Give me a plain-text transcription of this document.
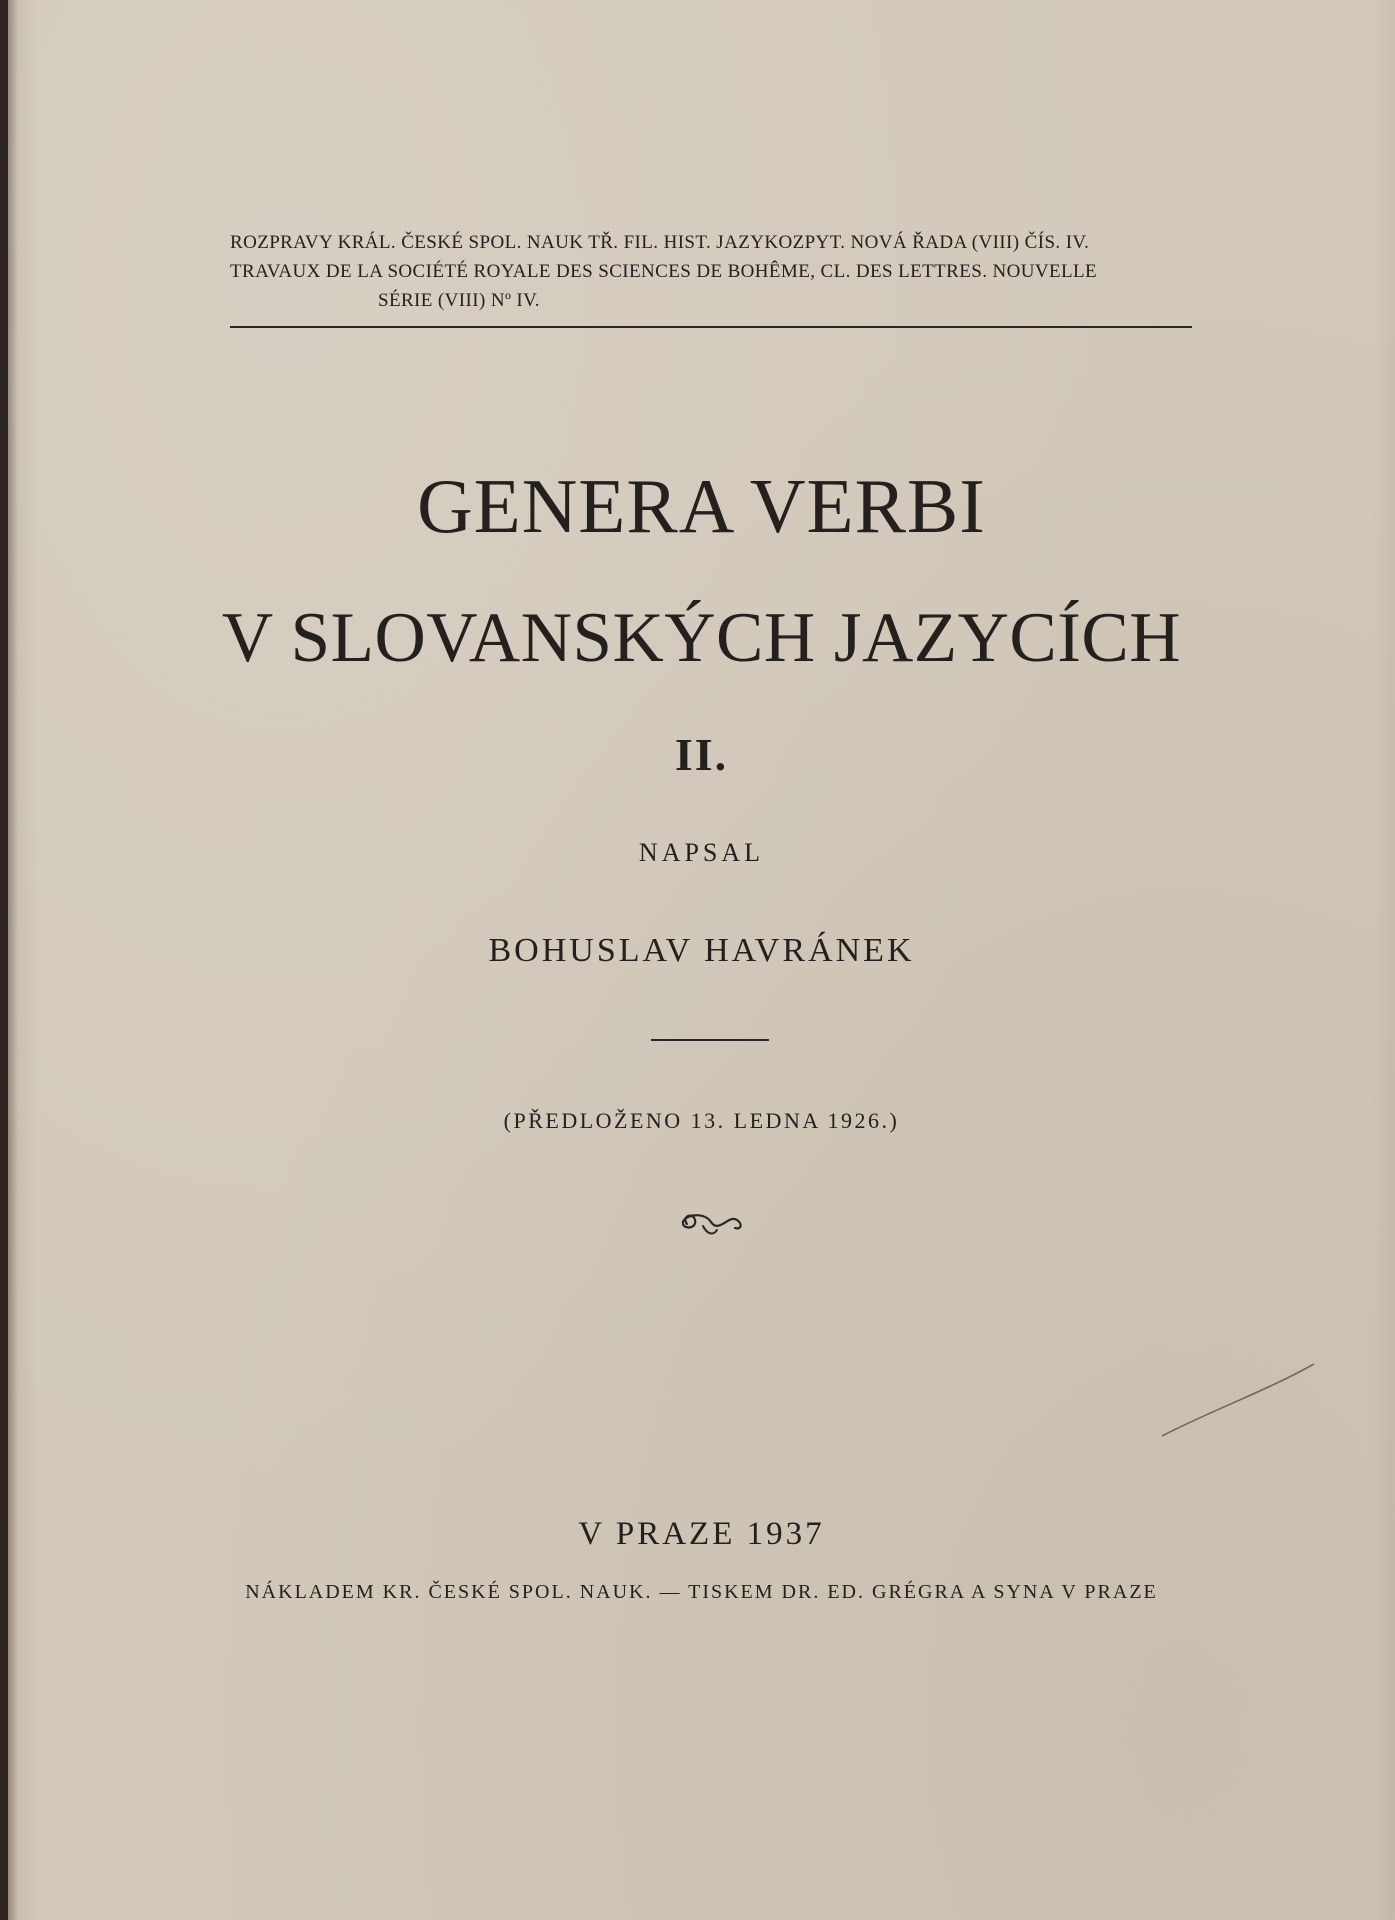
ROZPRAVY KRÁL. ČESKÉ SPOL. NAUK TŘ. FIL. HIST. JAZYKOZPYT. NOVÁ ŘADA (VIII) ČÍS. IV.
TRAVAUX DE LA SOCIÉTÉ ROYALE DES SCIENCES DE BOHÊME, CL. DES LETTRES. NOUVELLE
SÉRIE (VIII) Nº IV.
GENERA VERBI
V SLOVANSKÝCH JAZYCÍCH
II.
NAPSAL
BOHUSLAV HAVRÁNEK
(PŘEDLOŽENO 13. LEDNA 1926.)
V PRAZE 1937
NÁKLADEM KR. ČESKÉ SPOL. NAUK. — TISKEM DR. ED. GRÉGRA A SYNA V PRAZE
